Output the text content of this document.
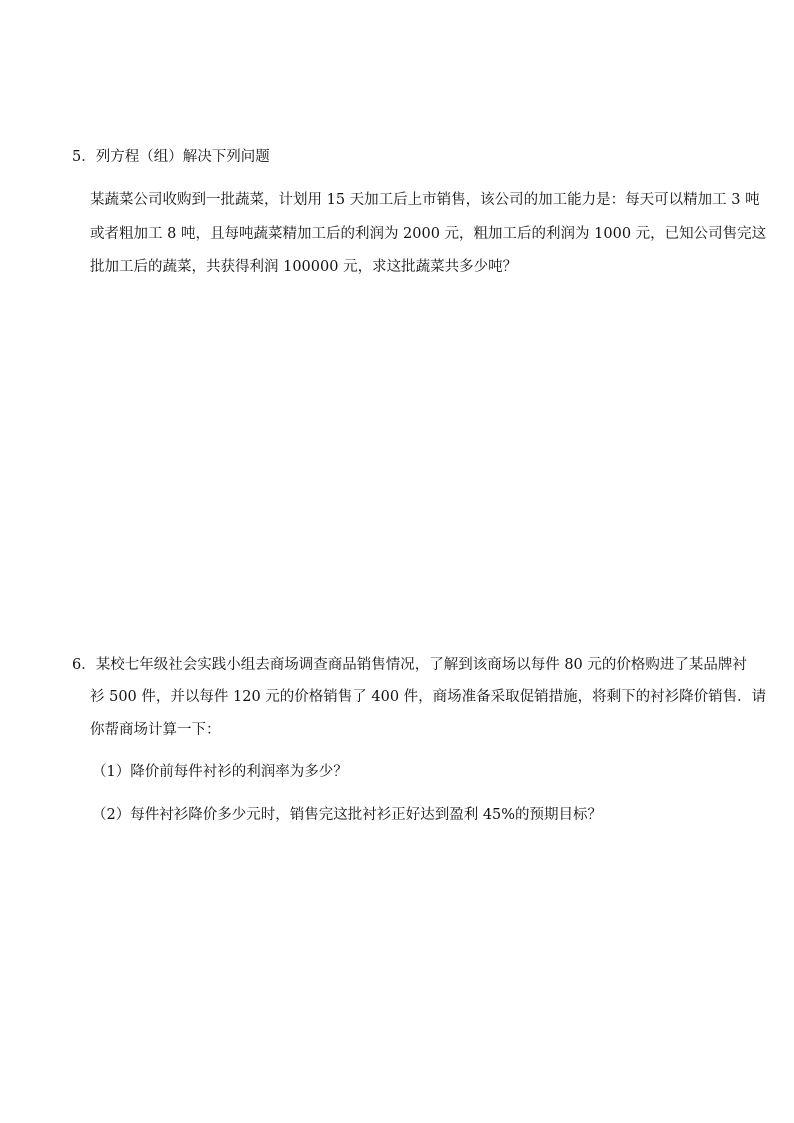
5．列方程（组）解决下列问题
某蔬菜公司收购到一批蔬菜，计划用 15 天加工后上市销售，该公司的加工能力是：每天可以精加工 3 吨
或者粗加工 8 吨，且每吨蔬菜精加工后的利润为 2000 元，粗加工后的利润为 1000 元，已知公司售完这
批加工后的蔬菜，共获得利润 100000 元，求这批蔬菜共多少吨？
6．某校七年级社会实践小组去商场调查商品销售情况，了解到该商场以每件 80 元的价格购进了某品牌衬
衫 500 件，并以每件 120 元的价格销售了 400 件，商场准备采取促销措施，将剩下的衬衫降价销售．请
你帮商场计算一下：
（1）降价前每件衬衫的利润率为多少？
（2）每件衬衫降价多少元时，销售完这批衬衫正好达到盈利 45%的预期目标？
